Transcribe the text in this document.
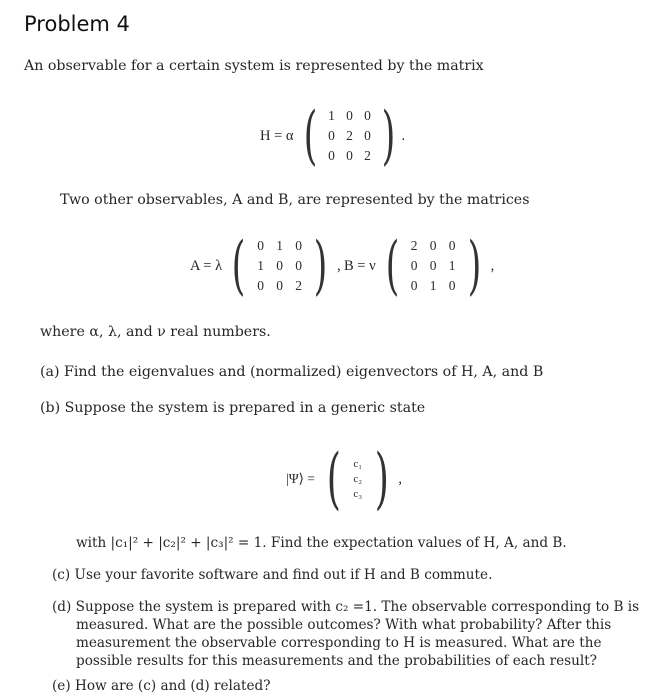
Problem 4
An observable for a certain system is represented by the matrix
H = α ( 1 0 0
0 2 0
0 0 2 ) .
Two other observables, A and B, are represented by the matrices
A = λ ( 0 1 0
1 0 0
0 0 2 ) , B = ν ( 2 0 0
0 0 1
0 1 0 ) ,
where α, λ, and ν real numbers.
(a) Find the eigenvalues and (normalized) eigenvectors of H, A, and B
(b) Suppose the system is prepared in a generic state
|Ψ⟩ = (	c₁
c₂
c₃ ) ,
with |c₁|² + |c₂|² + |c₃|² = 1. Find the expectation values of H, A, and B.
(c) Use your favorite software and find out if H and B commute.
(d) Suppose the system is prepared with c₂ =1. The observable corresponding to B is measured. What are the possible outcomes? With what probability? After this measurement the observable corresponding to H is measured. What are the possible results for this measurements and the probabilities of each result?
(e) How are (c) and (d) related?
